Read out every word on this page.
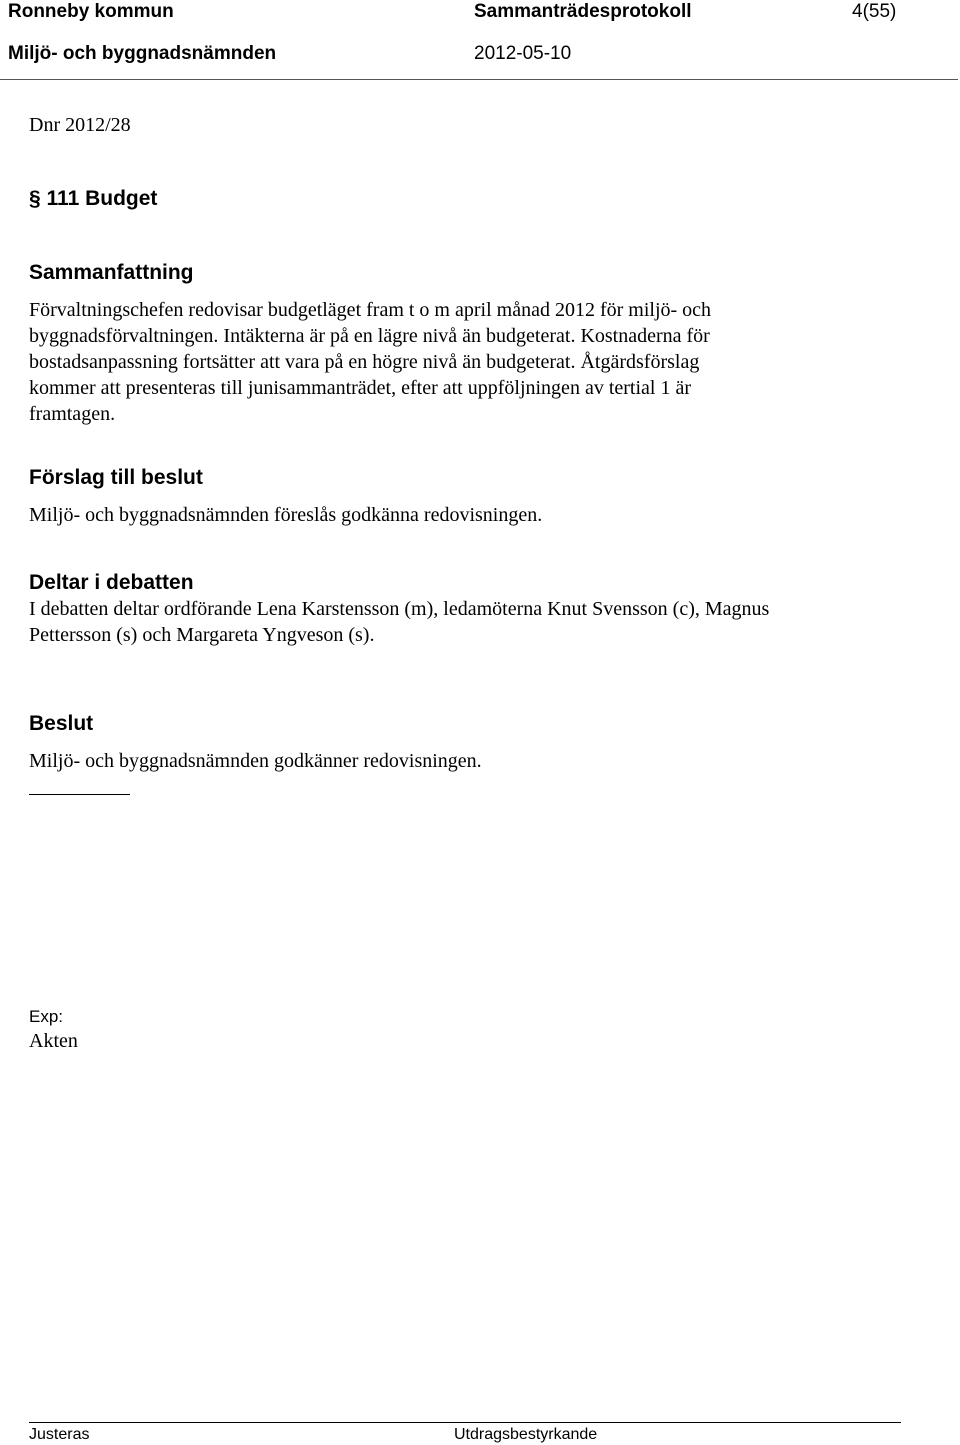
Ronneby kommun	Sammanträdesprotokoll	4(55)
Miljö- och byggnadsnämnden	2012-05-10
Dnr 2012/28
§ 111 Budget
Sammanfattning
Förvaltningschefen redovisar budgetläget fram t o m april månad 2012 för miljö- och
byggnadsförvaltningen. Intäkterna är på en lägre nivå än budgeterat. Kostnaderna för
bostadsanpassning fortsätter att vara på en högre nivå än budgeterat. Åtgärdsförslag
kommer att presenteras till junisammanträdet, efter att uppföljningen av tertial 1 är
framtagen.
Förslag till beslut
Miljö- och byggnadsnämnden föreslås godkänna redovisningen.
Deltar i debatten
I debatten deltar ordförande Lena Karstensson (m), ledamöterna Knut Svensson (c), Magnus
Pettersson (s) och Margareta Yngveson (s).
Beslut
Miljö- och byggnadsnämnden godkänner redovisningen.
Exp:
Akten
Justeras	Utdragsbestyrkande
